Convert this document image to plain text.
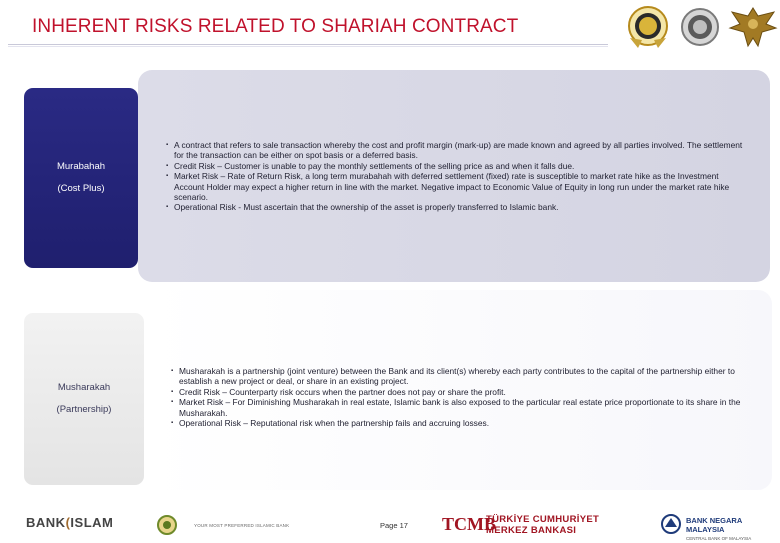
INHERENT RISKS RELATED TO SHARIAH CONTRACT
Murabahah
(Cost Plus)
▪ A contract that refers to sale transaction whereby the cost and profit margin (mark-up) are made known and agreed by all parties involved. The settlement for the transaction can be either on spot basis or a deferred basis.
▪ Credit Risk – Customer is unable to pay the monthly settlements of the selling price as and when it falls due.
▪ Market Risk – Rate of Return Risk, a long term murabahah with deferred settlement (fixed) rate is susceptible to market rate hike as the Investment Account Holder may expect a higher return in line with the market. Negative impact to Economic Value of Equity in long run under the market rate hike scenario.
▪ Operational Risk - Must ascertain that the ownership of the asset is properly transferred to Islamic bank.
Musharakah
(Partnership)
▪ Musharakah is a partnership (joint venture) between the Bank and its client(s) whereby each party contributes to the capital of the partnership either to establish a new project or deal, or share in an existing project.
▪ Credit Risk – Counterparty risk occurs when the partner does not pay or share the profit.
▪ Market Risk – For Diminishing Musharakah in real estate, Islamic bank is also exposed to the particular real estate price proportionate to its share in the Musharakah.
▪ Operational Risk – Reputational risk when the partnership fails and accruing losses.
BANK(ISLAM	YOUR MOST PREFERRED ISLAMIC BANK	Page 17 TCMB
TÜRKİYE CUMHURİYET
MERKEZ BANKASI
BANK NEGARA MALAYSIA
CENTRAL BANK OF MALAYSIA
